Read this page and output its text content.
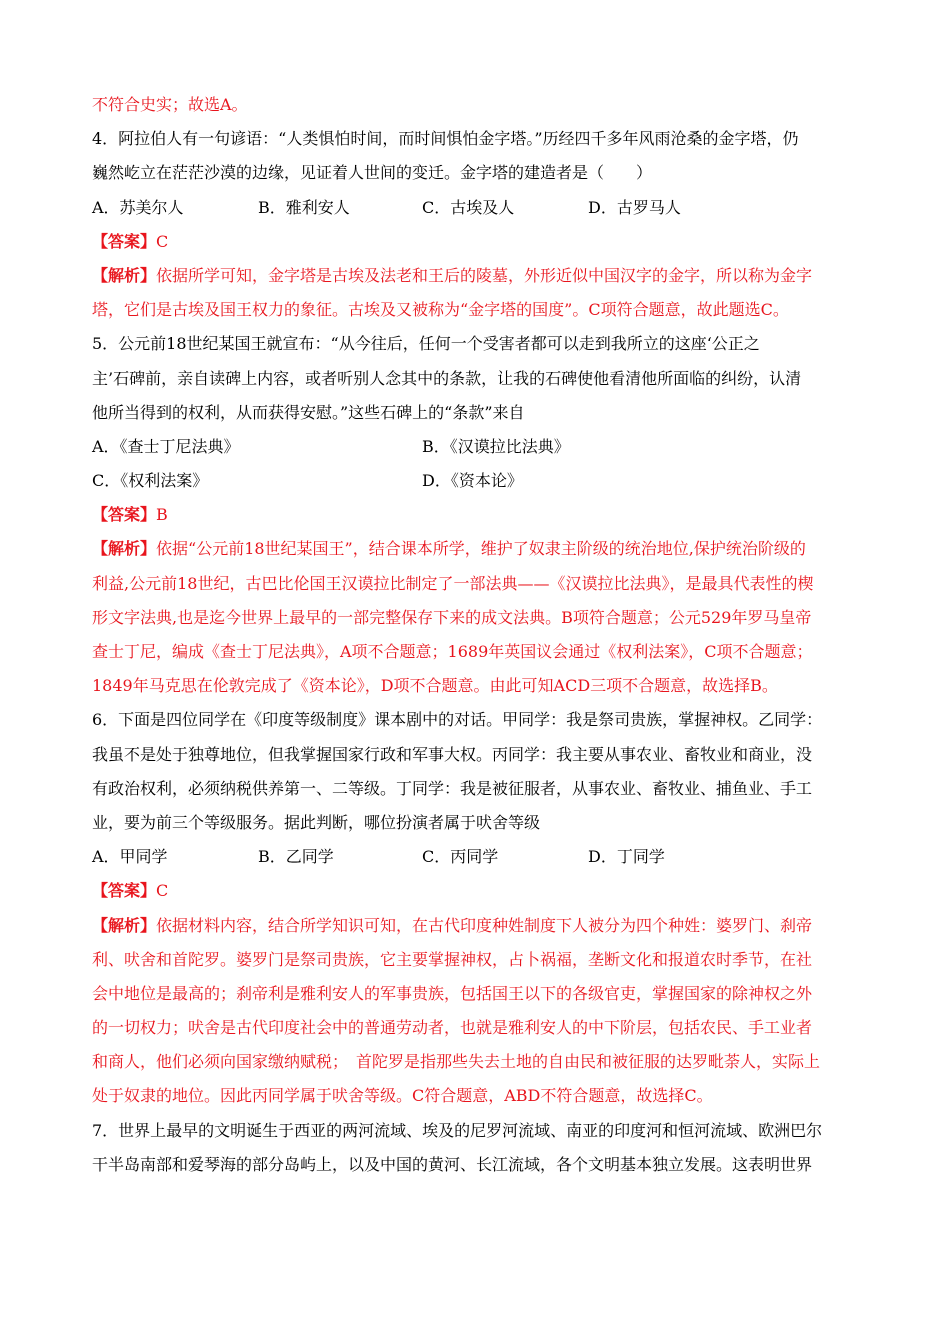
不符合史实；故选A。
4．阿拉伯人有一句谚语：“人类惧怕时间，而时间惧怕金字塔。”历经四千多年风雨沧桑的金字塔，仍
巍然屹立在茫茫沙漠的边缘，见证着人世间的变迁。金字塔的建造者是（　　）
A．苏美尔人	B．雅利安人	C．古埃及人	D．古罗马人
【答案】C
【解析】依据所学可知，金字塔是古埃及法老和王后的陵墓，外形近似中国汉字的金字，所以称为金字
塔，它们是古埃及国王权力的象征。古埃及又被称为“金字塔的国度”。C项符合题意，故此题选C。
5．公元前18世纪某国王就宣布：“从今往后，任何一个受害者都可以走到我所立的这座‘公正之
主’石碑前，亲自读碑上内容，或者听别人念其中的条款，让我的石碑使他看清他所面临的纠纷，认清
他所当得到的权利，从而获得安慰。”这些石碑上的“条款”来自
A．《查士丁尼法典》	B．《汉谟拉比法典》
C．《权利法案》	D．《资本论》
【答案】B
【解析】依据“公元前18世纪某国王”，结合课本所学，维护了奴隶主阶级的统治地位,保护统治阶级的
利益,公元前18世纪，古巴比伦国王汉谟拉比制定了一部法典——《汉谟拉比法典》，是最具代表性的楔
形文字法典,也是迄今世界上最早的一部完整保存下来的成文法典。B项符合题意；公元529年罗马皇帝
查士丁尼，编成《查士丁尼法典》，A项不合题意；1689年英国议会通过《权利法案》，C项不合题意；
1849年马克思在伦敦完成了《资本论》，D项不合题意。由此可知ACD三项不合题意，故选择B。
6．下面是四位同学在《印度等级制度》课本剧中的对话。甲同学：我是祭司贵族，掌握神权。乙同学：
我虽不是处于独尊地位，但我掌握国家行政和军事大权。丙同学：我主要从事农业、畜牧业和商业，没
有政治权利，必须纳税供养第一、二等级。丁同学：我是被征服者，从事农业、畜牧业、捕鱼业、手工
业，要为前三个等级服务。据此判断，哪位扮演者属于吠舍等级
A．甲同学	B．乙同学	C．丙同学	D．丁同学
【答案】C
【解析】依据材料内容，结合所学知识可知，在古代印度种姓制度下人被分为四个种姓：婆罗门、刹帝
利、吠舍和首陀罗。婆罗门是祭司贵族，它主要掌握神权，占卜祸福，垄断文化和报道农时季节，在社
会中地位是最高的；刹帝利是雅利安人的军事贵族，包括国王以下的各级官吏，掌握国家的除神权之外
的一切权力；吠舍是古代印度社会中的普通劳动者，也就是雅利安人的中下阶层，包括农民、手工业者
和商人，他们必须向国家缴纳赋税；　首陀罗是指那些失去土地的自由民和被征服的达罗毗荼人，实际上
处于奴隶的地位。因此丙同学属于吠舍等级。C符合题意，ABD不符合题意，故选择C。
7．世界上最早的文明诞生于西亚的两河流域、埃及的尼罗河流域、南亚的印度河和恒河流域、欧洲巴尔
干半岛南部和爱琴海的部分岛屿上，以及中国的黄河、长江流域，各个文明基本独立发展。这表明世界
